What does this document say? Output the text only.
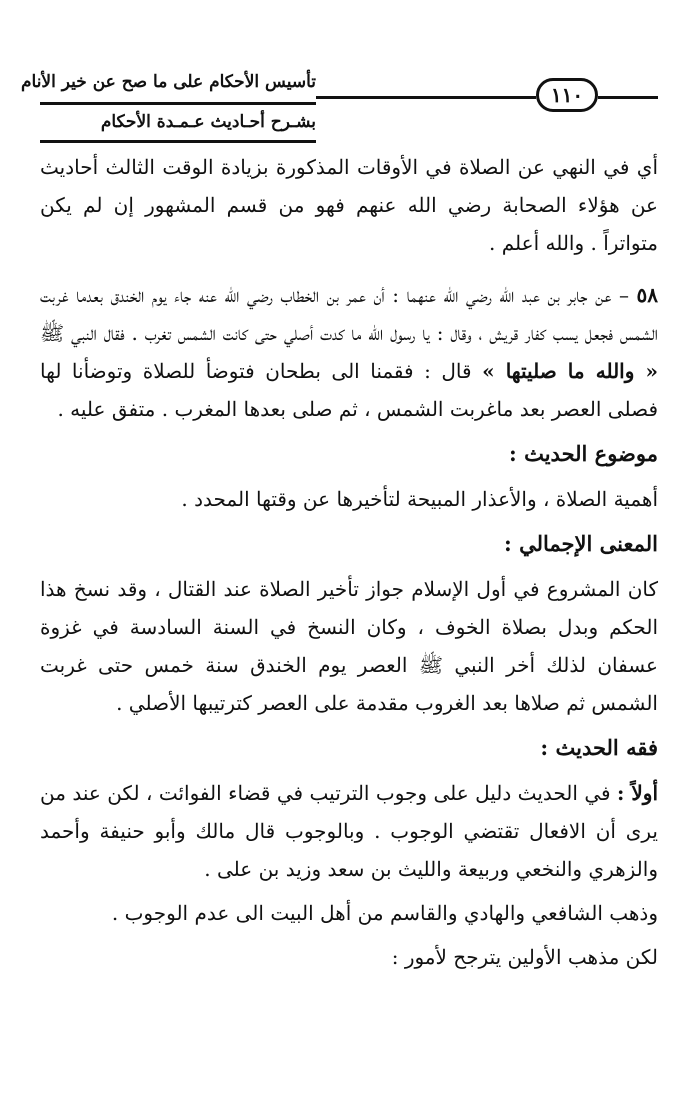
تأسيس الأحكام على ما صح عن خير الأنام
بشـرح أحـاديث عـمـدة الأحكام
١١٠

أي في النهي عن الصلاة في الأوقات المذكورة بزيادة الوقت الثالث أحاديث عن هؤلاء الصحابة رضي الله عنهم فهو من قسم المشهور إن لم يكن متواتراً . والله أعلم .

٥٨ – عن جابر بن عبد الله رضي الله عنهما : أن عمر بن الخطاب رضي الله عنه جاء يوم الخندق بعدما غربت الشمس فجعل يسب كفار قريش ، وقال : يا رسول الله ما كدت أصلي حتى كانت الشمس تغرب . فقال النبي ﷺ « والله ما صليتها » قال : فقمنا الى بطحان فتوضأ للصلاة وتوضأنا لها فصلى العصر بعد ماغربت الشمس ، ثم صلى بعدها المغرب . متفق عليه .

موضوع الحديث :

أهمية الصلاة ، والأعذار المبيحة لتأخيرها عن وقتها المحدد .

المعنى الإجمالي :

كان المشروع في أول الإسلام جواز تأخير الصلاة عند القتال ، وقد نسخ هذا الحكم وبدل بصلاة الخوف ، وكان النسخ في السنة السادسة في غزوة عسفان لذلك أخر النبي ﷺ العصر يوم الخندق سنة خمس حتى غربت الشمس ثم صلاها بعد الغروب مقدمة على العصر كترتيبها الأصلي .

فقه الحديث :

أولاً : في الحديث دليل على وجوب الترتيب في قضاء الفوائت ، لكن عند من يرى أن الافعال تقتضي الوجوب . وبالوجوب قال مالك وأبو حنيفة وأحمد والزهري والنخعي وربيعة والليث بن سعد وزيد بن على .

وذهب الشافعي والهادي والقاسم من أهل البيت الى عدم الوجوب .

لكن مذهب الأولين يترجح لأمور :
